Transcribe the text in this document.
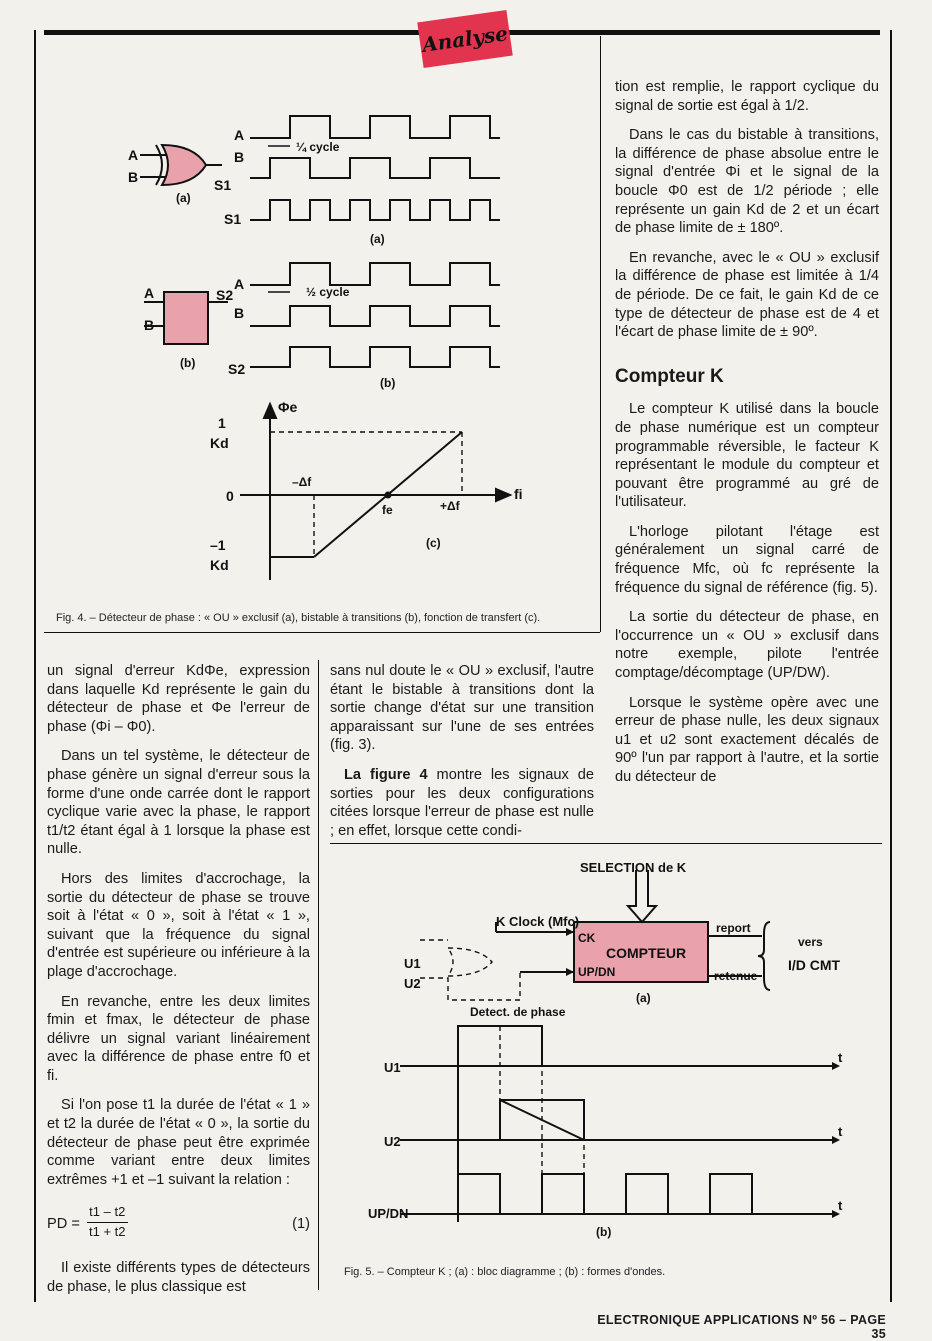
Analyse
A
B	S1
(a)
A
B
S2
(b)
A
B
S1
¼ cycle
(a)
A
B
S2
½ cycle
(b)
Φe
1
Kd
0
–1
Kd
fi
–Δf
+Δf
fe
(c)
Fig. 4. – Détecteur de phase : « OU » exclusif (a), bistable à transitions (b), fonction de transfert (c).

tion est remplie, le rapport cyclique du signal de sortie est égal à 1/2.

Dans le cas du bistable à transitions, la différence de phase absolue entre le signal d'entrée Φi et le signal de la boucle Φ0 est de 1/2 période ; elle représente un gain Kd de 2 et un écart de phase limite de ± 180º.

En revanche, avec le « OU » exclusif la différence de phase est limitée à 1/4 de période. De ce fait, le gain Kd de ce type de détecteur de phase est de 4 et l'écart de phase limite de ± 90º.

Compteur K

Le compteur K utilisé dans la boucle de phase numérique est un compteur programmable réversible, le facteur K représentant le module du compteur et pouvant être programmé au gré de l'utilisateur.

L'horloge pilotant l'étage est généralement un signal carré de fréquence Mfc, où fc représente la fréquence du signal de référence (fig. 5).

La sortie du détecteur de phase, en l'occurrence un « OU » exclusif dans notre exemple, pilote l'entrée comptage/décomptage (UP/DW).

Lorsque le système opère avec une erreur de phase nulle, les deux signaux u1 et u2 sont exactement décalés de 90º l'un par rapport à l'autre, et la sortie du détecteur de

un signal d'erreur KdΦe, expression dans laquelle Kd représente le gain du détecteur de phase et Φe l'erreur de phase (Φi – Φ0).

Dans un tel système, le détecteur de phase génère un signal d'erreur sous la forme d'une onde carrée dont le rapport cyclique varie avec la phase, le rapport t1/t2 étant égal à 1 lorsque la phase est nulle.

Hors des limites d'accrochage, la sortie du détecteur de phase se trouve soit à l'état « 0 », soit à l'état « 1 », suivant que la fréquence du signal d'entrée est supérieure ou inférieure à la plage d'accrochage.

En revanche, entre les deux limites fmin et fmax, le détecteur de phase délivre un signal variant linéairement avec la différence de phase entre f0 et fi.

Si l'on pose t1 la durée de l'état « 1 » et t2 la durée de l'état « 0 », la sortie du détecteur de phase peut être exprimée comme variant entre deux limites extrêmes +1 et –1 suivant la relation :

PD = $\frac{t1 - t2}{t1 + t2}$	(1)

Il existe différents types de détecteurs de phase, le plus classique est

sans nul doute le « OU » exclusif, l'autre étant le bistable à transitions dont la sortie change d'état sur une transition apparaissant sur l'une de ses entrées (fig. 3).

La figure 4 montre les signaux de sorties pour les deux configurations citées lorsque l'erreur de phase est nulle ; en effet, lorsque cette condi-

SELECTION de K
K Clock (Mfc)
CK
COMPTEUR
UP/DN
report
retenue
vers
I/D CMT
U1
U2
Detect. de phase
(a)
U1
U2
UP/DN
t
t
t
(b)
Fig. 5. – Compteur K ; (a) : bloc diagramme ; (b) : formes d'ondes.
ELECTRONIQUE APPLICATIONS Nº 56 – PAGE 35
